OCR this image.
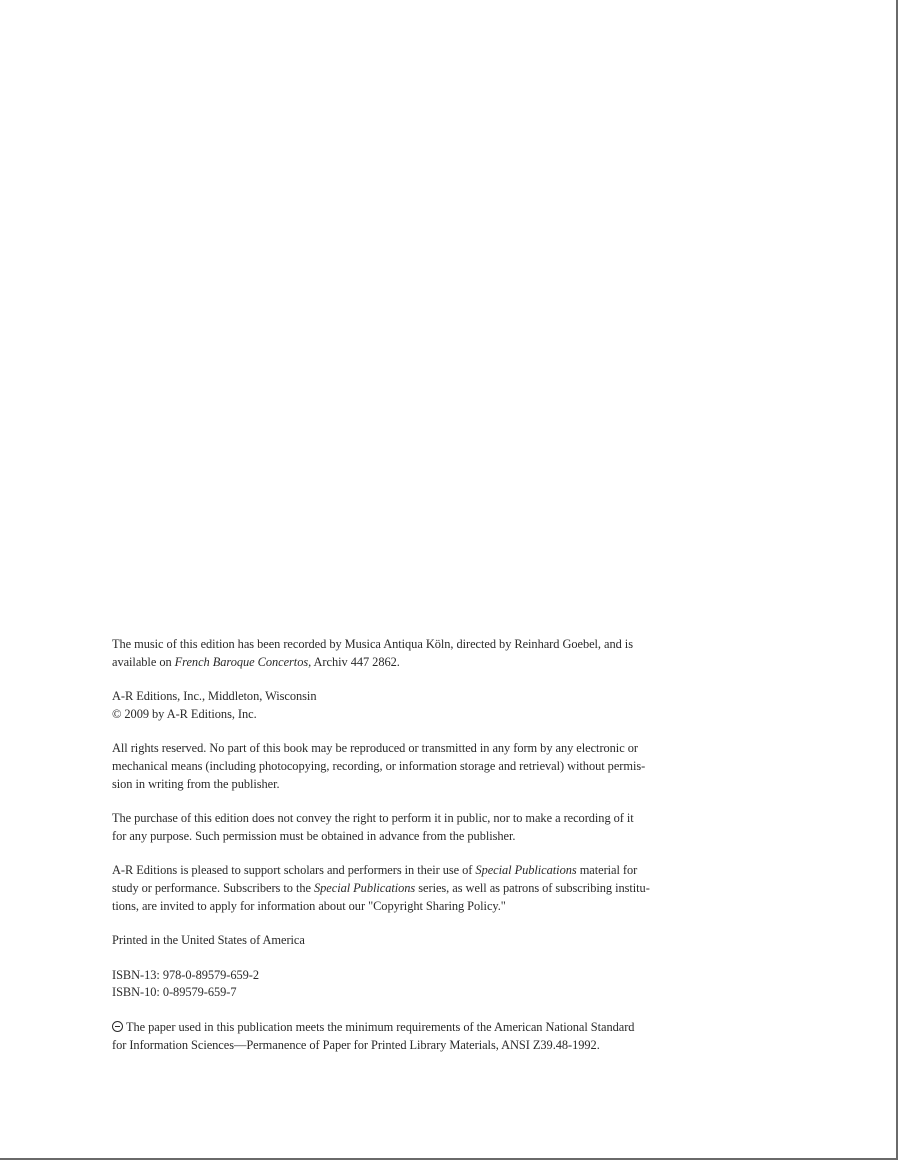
The music of this edition has been recorded by Musica Antiqua Köln, directed by Reinhard Goebel, and is
available on French Baroque Concertos, Archiv 447 2862.

A-R Editions, Inc., Middleton, Wisconsin
© 2009 by A-R Editions, Inc.

All rights reserved. No part of this book may be reproduced or transmitted in any form by any electronic or
mechanical means (including photocopying, recording, or information storage and retrieval) without permis-
sion in writing from the publisher.

The purchase of this edition does not convey the right to perform it in public, nor to make a recording of it
for any purpose. Such permission must be obtained in advance from the publisher.

A-R Editions is pleased to support scholars and performers in their use of Special Publications material for
study or performance. Subscribers to the Special Publications series, as well as patrons of subscribing institu-
tions, are invited to apply for information about our "Copyright Sharing Policy."

Printed in the United States of America

ISBN-13: 978-0-89579-659-2
ISBN-10: 0-89579-659-7

The paper used in this publication meets the minimum requirements of the American National Standard
for Information Sciences—Permanence of Paper for Printed Library Materials, ANSI Z39.48-1992.
